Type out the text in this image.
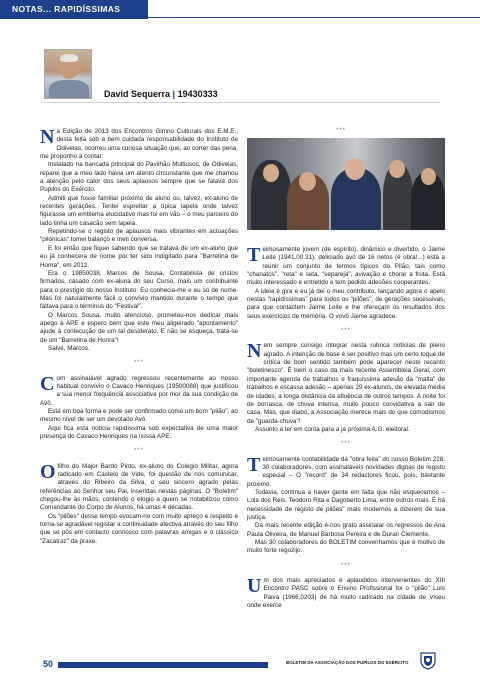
NOTAS... RAPIDÍSSIMAS
David Sequerra | 19430333

Na Edição de 2013 dos Encontros Gimno Culturais dos E.M.E., desta feita sob a bem cuidada responsabilidade do Instituto de Odivelas, ocorreu uma curiosa situação que, ao correr das pena, me proponho a contar:

Instalado na bancada principal do Pavilhão Multiusos, de Odivelas, reparei que a meu lado havia um atento circunstante que me chamou a atenção pelo calor dos seus aplausos sempre que se falava dos Pupilos do Exército.

Admiti que fosse familiar próximo de aluno ou, talvez, ex-aluno de recentes gerações. Tentei espreitar a típica lapela onde talvez figurasse um emblema elucidativo mas foi em vão – o meu parceiro do lado tinha um casacão sem lapela.

Repetindo-se o registo de aplausos mais vibrantes em actuações "pilónicas" tomei balanço e meti conversa.

E foi então que fiquei sabendo que se tratava de um ex-aluno que eu já conhecera de nome por ter sido indigitado para "Barretina de Honra", em 2012.

Era o 19850038, Marcos de Sousa, Contabilista de cristos firmados, casado com ex-aluna do seu Curso, mais um contribuinte para o prestígio do nosso Instituto. Eu conhecia-me e eu só de nome. Mas foi naturalmente fácil o convívio mantido durante o tempo que faltava para o términus do "Festival".

O Marcos Sousa, muito atencioso, prometeu-nos dedicar mais apego à APE e espero bem que este meu aligeirado "apontamento" ajude à contecução de um tal desiderato. E não se esqueça, trata-se de um "Barretina de Honra"!

Salvé, Marcos.

***

Com assinalável agrado regressou recentemente ao nosso habitual convívio o Cavaco Henriques (19500088) que justificou a sua menor frequência associativa por mor da sua condição de Avô.

Está em boa forma e pode ser confirmado como um bom "pilão", ao mesmo nível de ser um devotado Avô.

Aqui fica esta notícia rapidíssima sob expectativa de uma maior presença do Cavaco Henriques na nossa APE.

***

Ofilho do Major Bardo Pinto, ex-aluno do Colégio Militar, agora radicado em Castelo de Vide, foi questão de nos comunicar, através do Ribeiro da Silva, o seu sincero agrado pelas referências ao Senhor seu Pai, inseridas nestas páginas. O "Boletim" chegou-lhe às mãos, contendo o elogio a quem se notabilizou como Comandante do Corpo de Alunos, há umas 4 décadas.

Os "pilões" desse tempo evocam-no com muito apreço e respeito e torna-se agradável registar a continuidade afectiva através do seu filho que se pôs em contacto connosco com palavras amigas e o clássico "Zacatraz" da praxe.

***

Teimosamente jovem (de espírito), dinâmico e divertido, o Jaime Leite (1941.00.31), deliciado avô de 16 netos (é obra!...) está a reunir um conjunto de termos típicos do Pilão, tais como "chanatos", "reta" e seta, "separeja", avivação e chorar a fruta. Está muito interessado e entretido e tem pedido adesões cooperantes.

A ideia é gira e eu já dei o meu contributo, lançando agora o apelo nestas "rapidíssimas" para todos os "pilões", de gerações sucessivas, para que contactem Jaime Leite e lhe ofereçam os resultados dos seus exercícios de memória. O vovô Jaime agradece.

***

Nem sempre consigo integrar nesta rubrica notícias de pleno agrado. A intenção de base é ser positivo mas um certo toque de crítica de bom sentido também pode aparecer neste recanto "boletinesco". É bem o caso da mais recente Assembleia Geral, com importante agenda de trabalhos e fraquíssima adesão da "malta" de trabalhos e escassa adesão – apenas 29 ex-alunos, de elevada média de idades, a longa distância da afluência de outros tempos. A noite foi de borrasca, de chuva intensa, muito pouco convidativa a sair de casa. Mas, que diabo, a Associação merece mais do que comodismos de "guarda-chuva"!

Assunto a ter em conta para a já próxima A.G. eleitoral.

***

Teimosamente contabilidade da "obra feita" do nosso Boletim 228: 30 colaboradores, com assinaláveis novidades dignas de registo especial – O "record" de 34 redactores ficou, pois, bastante próximo.

Todavia, continua a haver gente em falta que não esquecemos – Lola dos Reis, Teodoro Rita e Dagoberto Lima, entre outros mais. É há necessidade de registo de pilões" mais modernos a dizerem de sua justiça.

Da mais recente edição é-nos grato assinalar os regressos de Ana Paula Oliveira, de Manuel Barbosa Pereira e de Duran Clemente.

Mas 30 colaboradores do BOLETIM convenhamos que é motivo de muito forte regozijo.

***

Um dos mais apreciados e aplaudidos intervenientes do XIII Encontro PASC sobre o Ensino Profissional foi o "pilão" Luís Paiva (1966.0203) de há muito radicado na cidade de Viseu onde exerce

50	BOLETIM DA ASSOCIAÇÃO DOS PUPILOS DO EXÉRCITO
